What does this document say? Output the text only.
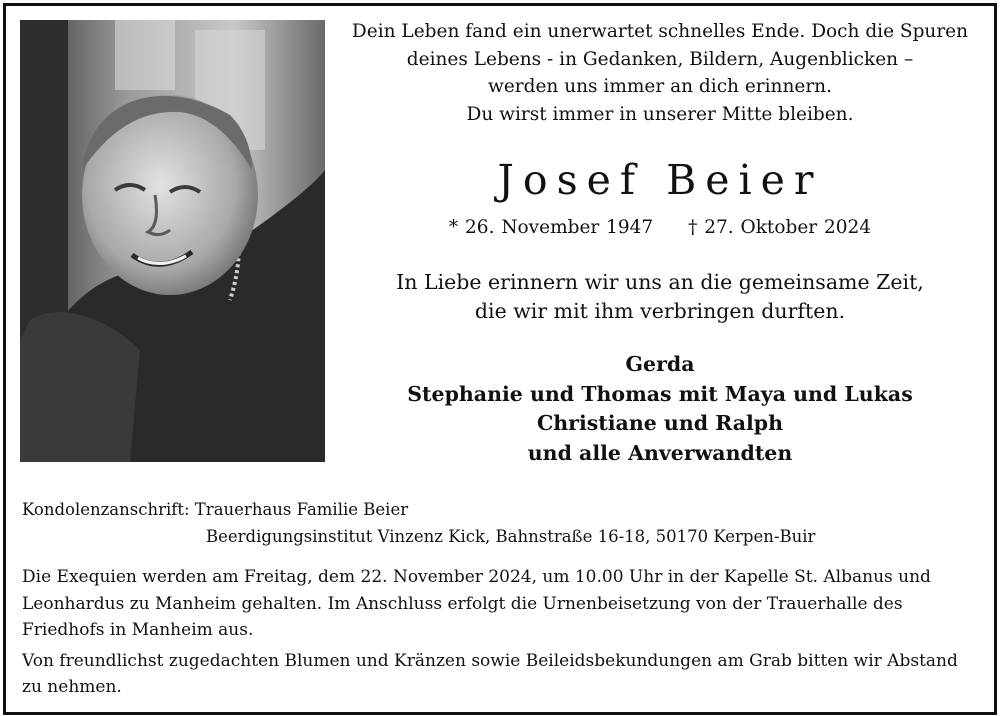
Dein Leben fand ein unerwartet schnelles Ende. Doch die Spuren
deines Lebens - in Gedanken, Bildern, Augenblicken –
werden uns immer an dich erinnern.
Du wirst immer in unserer Mitte bleiben.
Josef Beier
* 26. November 1947 † 27. Oktober 2024
In Liebe erinnern wir uns an die gemeinsame Zeit,
die wir mit ihm verbringen durften.
Gerda
Stephanie und Thomas mit Maya und Lukas
Christiane und Ralph
und alle Anverwandten
Kondolenzanschrift: Trauerhaus Familie Beier
Beerdigungsinstitut Vinzenz Kick, Bahnstraße 16-18, 50170 Kerpen-Buir

Die Exequien werden am Freitag, dem 22. November 2024, um 10.00 Uhr in der Kapelle St. Albanus und Leonhardus zu Manheim gehalten. Im Anschluss erfolgt die Urnenbeisetzung von der Trauerhalle des Friedhofs in Manheim aus.

Von freundlichst zugedachten Blumen und Kränzen sowie Beileidsbekundungen am Grab bitten wir Abstand zu nehmen.
